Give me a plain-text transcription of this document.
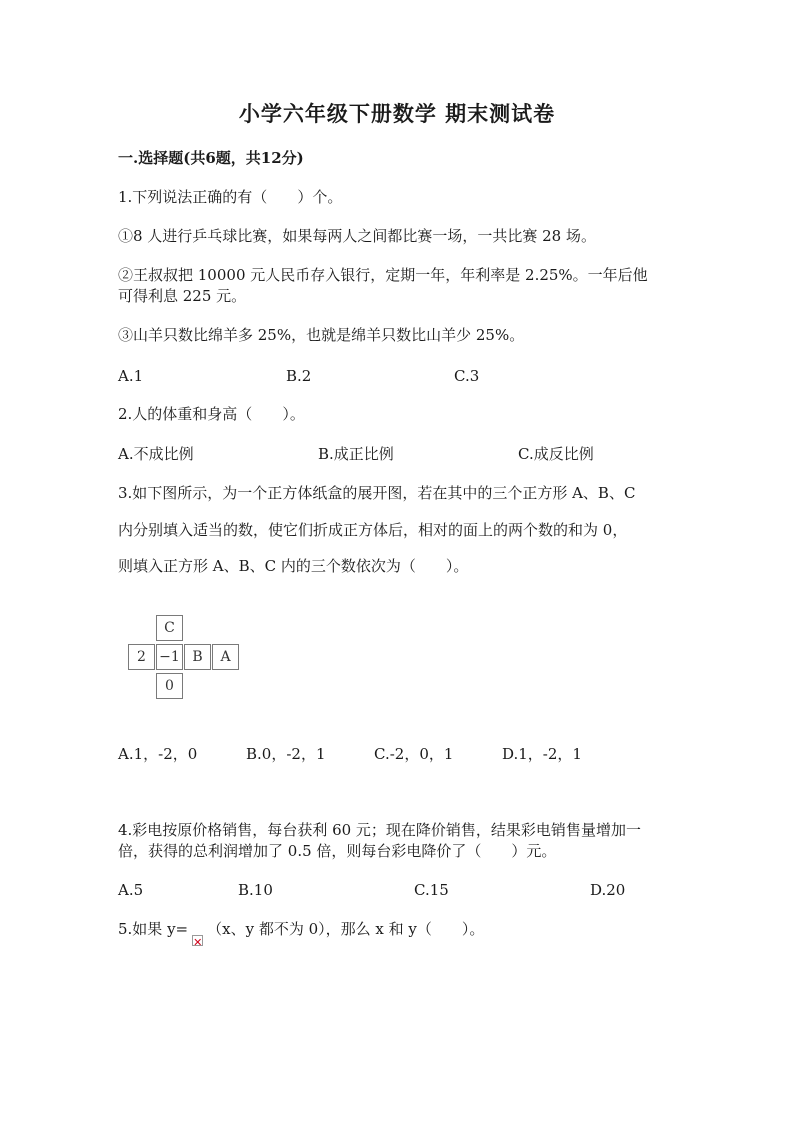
小学六年级下册数学 期末测试卷
一.选择题(共6题，共12分)
1.下列说法正确的有（　　）个。
①8 人进行乒乓球比赛，如果每两人之间都比赛一场，一共比赛 28 场。
②王叔叔把 10000 元人民币存入银行，定期一年，年利率是 2.25%。一年后他
可得利息 225 元。
③山羊只数比绵羊多 25%，也就是绵羊只数比山羊少 25%。
A.1	B.2	C.3
2.人的体重和身高（　　）。
A.不成比例	B.成正比例	C.成反比例
3.如下图所示，为一个正方体纸盒的展开图，若在其中的三个正方形 A、B、C
内分别填入适当的数，使它们折成正方体后，相对的面上的两个数的和为 0，
则填入正方形 A、B、C 内的三个数依次为（　　）。
C
2 −1 B	A
0
A.1，-2，0	B.0，-2，1	C.-2，0，1	D.1，-2，1
4.彩电按原价格销售，每台获利 60 元；现在降价销售，结果彩电销售量增加一
倍，获得的总利润增加了 0.5 倍，则每台彩电降价了（　　）元。
A.5	B.10	C.15	D.20
5.如果 y=
✕
（x、y 都不为 0），那么 x 和 y（　　）。
